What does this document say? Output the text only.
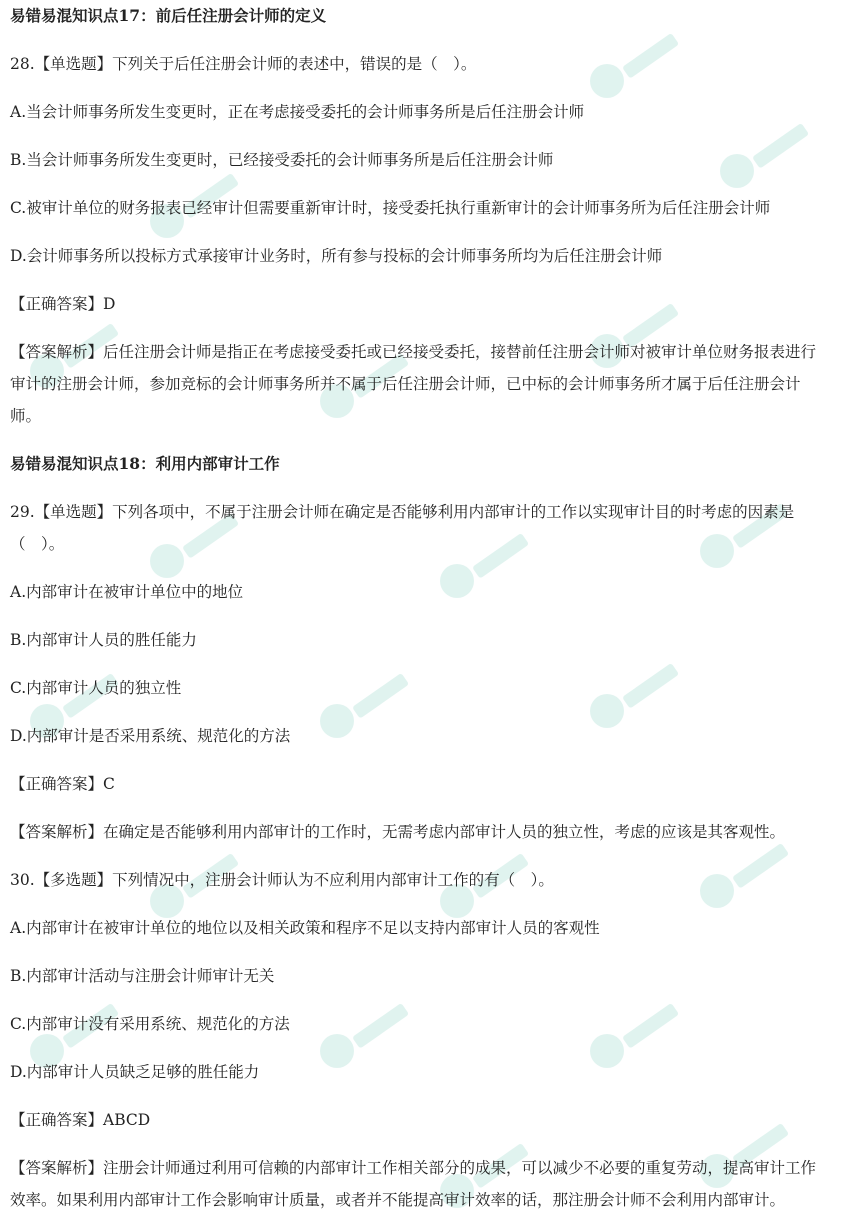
易错易混知识点17：前后任注册会计师的定义
28.【单选题】下列关于后任注册会计师的表述中，错误的是（　）。
A.当会计师事务所发生变更时，正在考虑接受委托的会计师事务所是后任注册会计师
B.当会计师事务所发生变更时，已经接受委托的会计师事务所是后任注册会计师
C.被审计单位的财务报表已经审计但需要重新审计时，接受委托执行重新审计的会计师事务所为后任注册会计师
D.会计师事务所以投标方式承接审计业务时，所有参与投标的会计师事务所均为后任注册会计师
【正确答案】D
【答案解析】后任注册会计师是指正在考虑接受委托或已经接受委托，接替前任注册会计师对被审计单位财务报表进行
审计的注册会计师，参加竞标的会计师事务所并不属于后任注册会计师，已中标的会计师事务所才属于后任注册会计
师。
易错易混知识点18：利用内部审计工作
29.【单选题】下列各项中，不属于注册会计师在确定是否能够利用内部审计的工作以实现审计目的时考虑的因素是
（　）。
A.内部审计在被审计单位中的地位
B.内部审计人员的胜任能力
C.内部审计人员的独立性
D.内部审计是否采用系统、规范化的方法
【正确答案】C
【答案解析】在确定是否能够利用内部审计的工作时，无需考虑内部审计人员的独立性，考虑的应该是其客观性。
30.【多选题】下列情况中，注册会计师认为不应利用内部审计工作的有（　）。
A.内部审计在被审计单位的地位以及相关政策和程序不足以支持内部审计人员的客观性
B.内部审计活动与注册会计师审计无关
C.内部审计没有采用系统、规范化的方法
D.内部审计人员缺乏足够的胜任能力
【正确答案】ABCD
【答案解析】注册会计师通过利用可信赖的内部审计工作相关部分的成果，可以减少不必要的重复劳动，提高审计工作
效率。如果利用内部审计工作会影响审计质量，或者并不能提高审计效率的话，那注册会计师不会利用内部审计。
